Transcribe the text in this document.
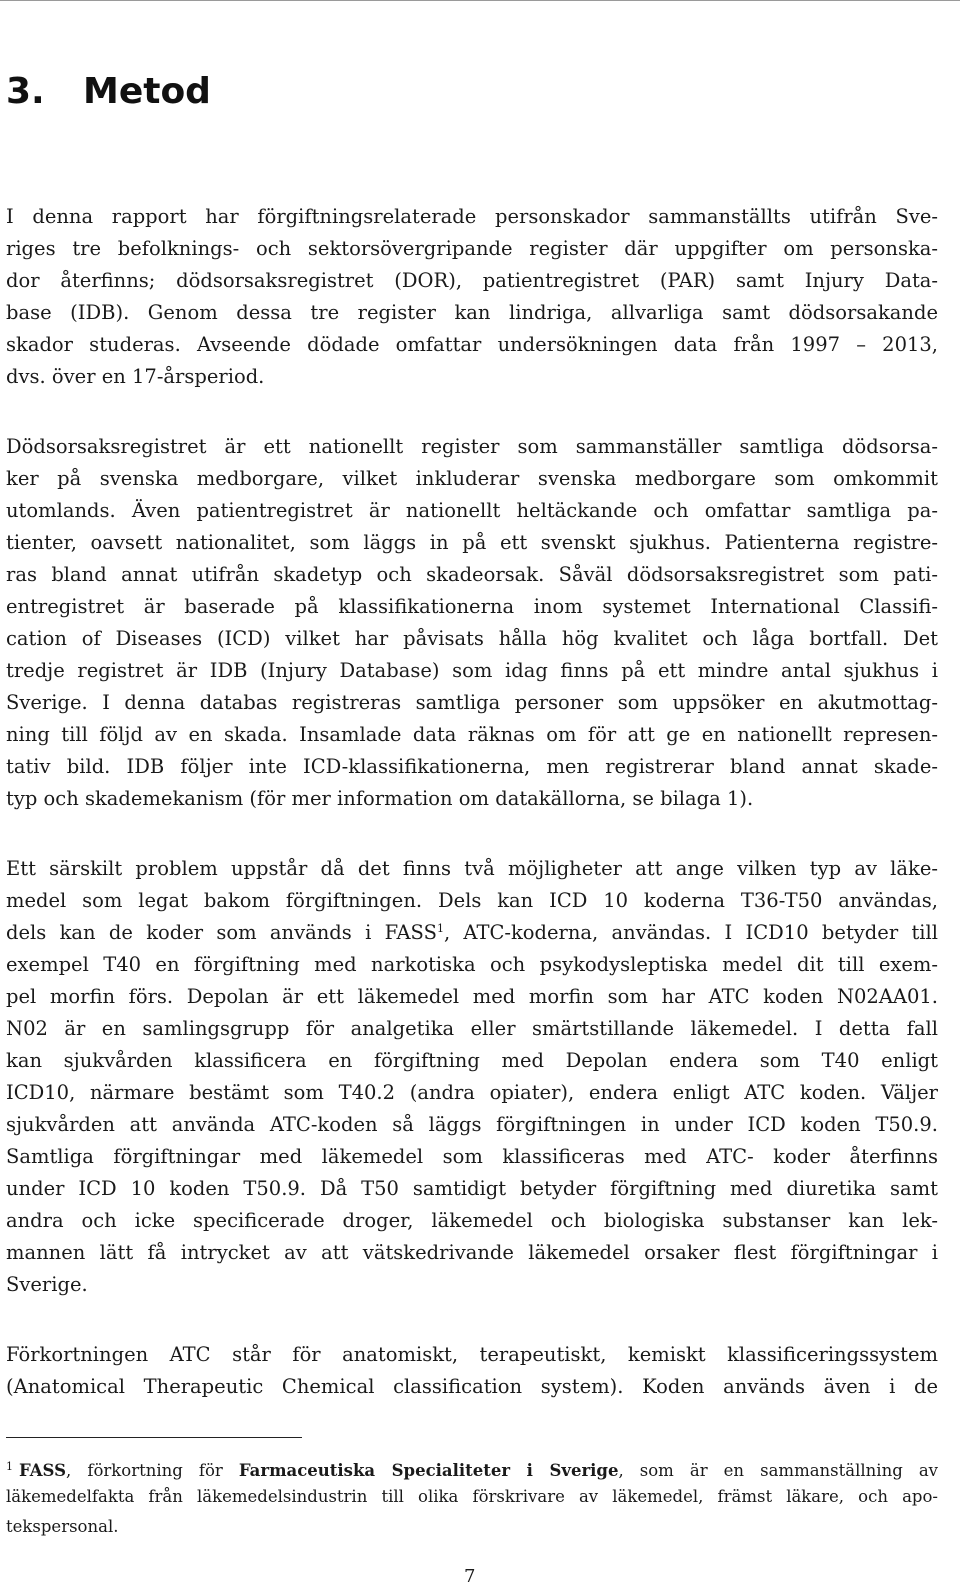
3. Metod
I denna rapport har förgiftningsrelaterade personskador sammanställts utifrån Sve-
riges tre befolknings- och sektorsövergripande register där uppgifter om personska-
dor återfinns; dödsorsaksregistret (DOR), patientregistret (PAR) samt Injury Data-
base (IDB). Genom dessa tre register kan lindriga, allvarliga samt dödsorsakande
skador studeras. Avseende dödade omfattar undersökningen data från 1997 – 2013,
dvs. över en 17-årsperiod.
Dödsorsaksregistret är ett nationellt register som sammanställer samtliga dödsorsa-
ker på svenska medborgare, vilket inkluderar svenska medborgare som omkommit
utomlands. Även patientregistret är nationellt heltäckande och omfattar samtliga pa-
tienter, oavsett nationalitet, som läggs in på ett svenskt sjukhus. Patienterna registre-
ras bland annat utifrån skadetyp och skadeorsak. Såväl dödsorsaksregistret som pati-
entregistret är baserade på klassifikationerna inom systemet International Classifi-
cation of Diseases (ICD) vilket har påvisats hålla hög kvalitet och låga bortfall. Det
tredje registret är IDB (Injury Database) som idag finns på ett mindre antal sjukhus i
Sverige. I denna databas registreras samtliga personer som uppsöker en akutmottag-
ning till följd av en skada. Insamlade data räknas om för att ge en nationellt represen-
tativ bild. IDB följer inte ICD-klassifikationerna, men registrerar bland annat skade-
typ och skademekanism (för mer information om datakällorna, se bilaga 1).
Ett särskilt problem uppstår då det finns två möjligheter att ange vilken typ av läke-
medel som legat bakom förgiftningen. Dels kan ICD 10 koderna T36-T50 användas,
dels kan de koder som används i FASS$^1$, ATC-koderna, användas. I ICD10 betyder till
exempel T40 en förgiftning med narkotiska och psykodysleptiska medel dit till exem-
pel morfin förs. Depolan är ett läkemedel med morfin som har ATC koden N02AA01.
N02 är en samlingsgrupp för analgetika eller smärtstillande läkemedel. I detta fall
kan sjukvården klassificera en förgiftning med Depolan endera som T40 enligt
ICD10, närmare bestämt som T40.2 (andra opiater), endera enligt ATC koden. Väljer
sjukvården att använda ATC-koden så läggs förgiftningen in under ICD koden T50.9.
Samtliga förgiftningar med läkemedel som klassificeras med ATC- koder återfinns
under ICD 10 koden T50.9. Då T50 samtidigt betyder förgiftning med diuretika samt
andra och icke specificerade droger, läkemedel och biologiska substanser kan lek-
mannen lätt få intrycket av att vätskedrivande läkemedel orsaker flest förgiftningar i
Sverige.
Förkortningen ATC står för anatomiskt, terapeutiskt, kemiskt klassificeringssystem
(Anatomical Therapeutic Chemical classification system). Koden används även i de
$^1$ FASS, förkortning för Farmaceutiska Specialiteter i Sverige, som är en sammanställning av
läkemedelfakta från läkemedelsindustrin till olika förskrivare av läkemedel, främst läkare, och apo-
tekspersonal.
7
